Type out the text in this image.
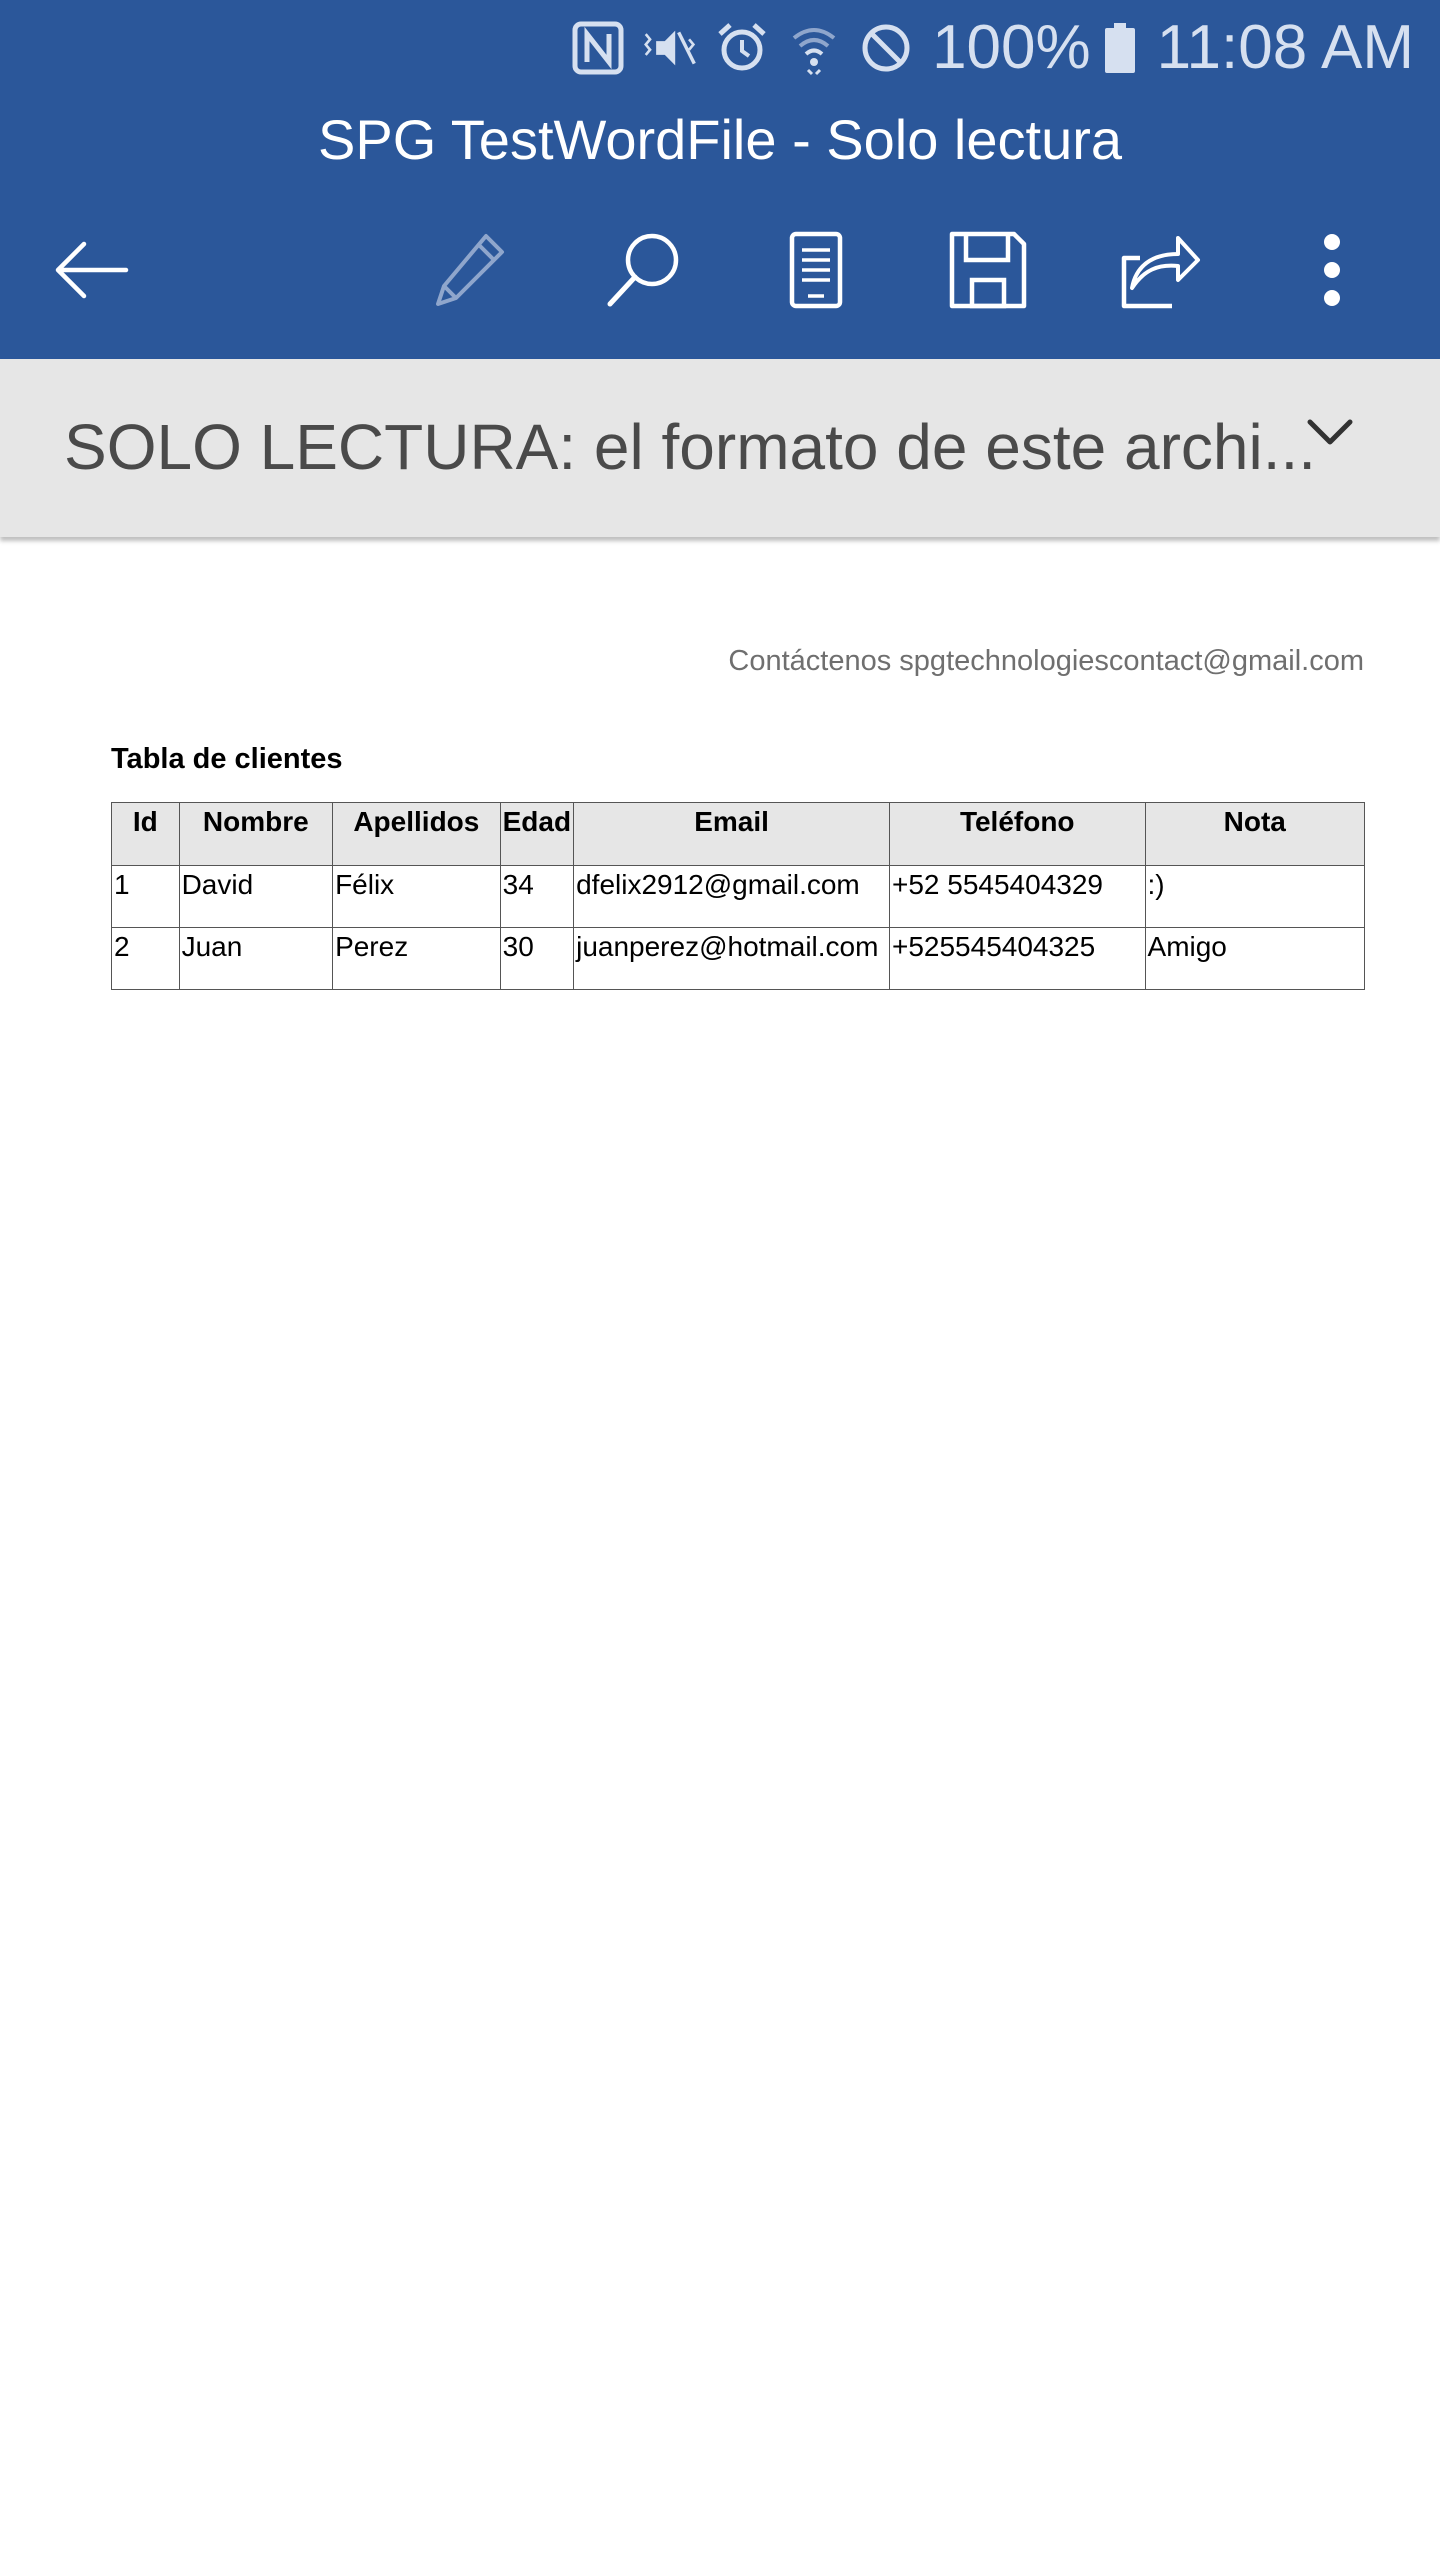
100% 11:08 AM
SPG TestWordFile - Solo lectura
SOLO LECTURA: el formato de este archi...
Contáctenos spgtechnologiescontact@gmail.com
Tabla de clientes
Id	Nombre	Apellidos	Edad	Email	Teléfono	Nota
1	David	Félix	34	dfelix2912@gmail.com	+52 5545404329	:)
2	Juan	Perez	30	juanperez@hotmail.com	+525545404325	Amigo
